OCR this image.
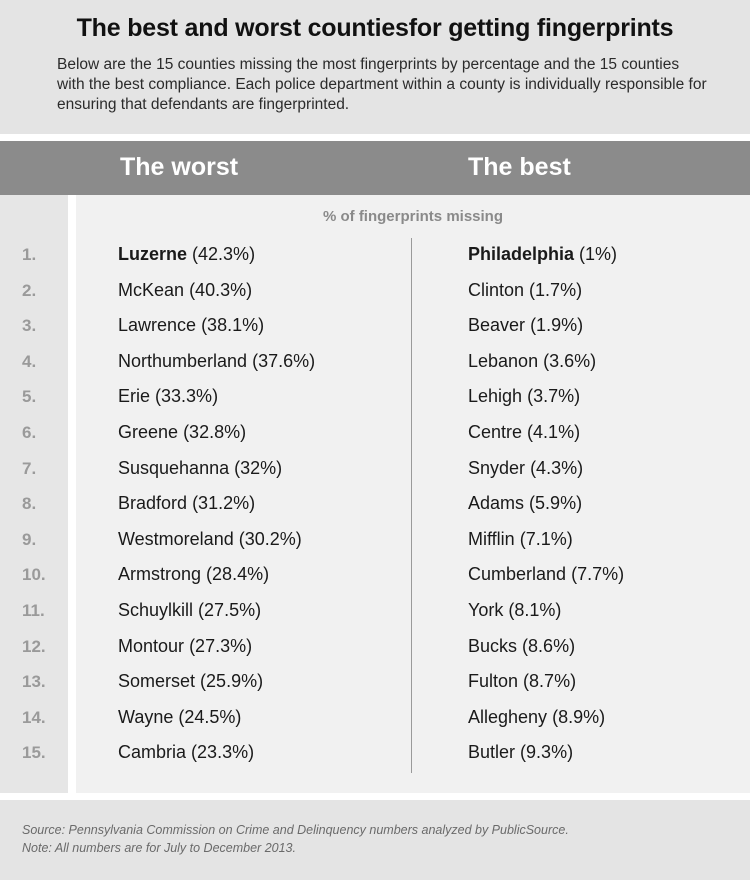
The best and worst countiesfor getting fingerprints
Below are the 15 counties missing the most fingerprints by percentage and the 15 counties with the best compliance. Each police department within a county is individually responsible for ensuring that defendants are fingerprinted.
The worst	The best
% of fingerprints missing
1.	Luzerne (42.3%)	Philadelphia (1%)
2.	McKean (40.3%)	Clinton (1.7%)
3.	Lawrence (38.1%)	Beaver (1.9%)
4.	Northumberland (37.6%)	Lebanon (3.6%)
5.	Erie (33.3%)	Lehigh (3.7%)
6.	Greene (32.8%)	Centre (4.1%)
7.	Susquehanna (32%)	Snyder (4.3%)
8.	Bradford (31.2%)	Adams (5.9%)
9.	Westmoreland (30.2%)	Mifflin (7.1%)
10.	Armstrong (28.4%)	Cumberland (7.7%)
11.	Schuylkill (27.5%)	York (8.1%)
12.	Montour (27.3%)	Bucks (8.6%)
13.	Somerset (25.9%)	Fulton (8.7%)
14.	Wayne (24.5%)	Allegheny (8.9%)
15.	Cambria (23.3%)	Butler (9.3%)
Source: Pennsylvania Commission on Crime and Delinquency numbers analyzed by PublicSource.
Note: All numbers are for July to December 2013.
